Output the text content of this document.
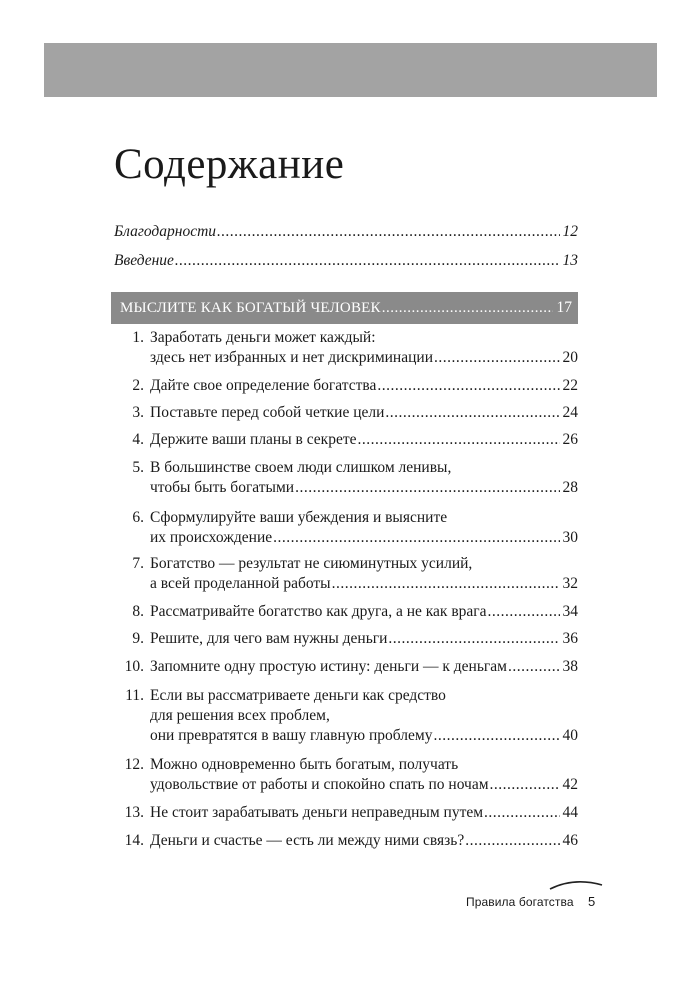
Содержание
Благодарности .....	12
Введение .....	13
МЫСЛИТЕ КАК БОГАТЫЙ ЧЕЛОВЕК .....	17
1. Заработать деньги может каждый:
здесь нет избранных и нет дискриминации .....	20
2. Дайте свое определение богатства .....	22
3. Поставьте перед собой четкие цели .....	24
4. Держите ваши планы в секрете .....	26
5. В большинстве своем люди слишком ленивы,
чтобы быть богатыми .....	28
6. Сформулируйте ваши убеждения и выясните
их происхождение .....	30
7. Богатство — результат не сиюминутных усилий,
а всей проделанной работы .....	32
8. Рассматривайте богатство как друга, а не как врага .....	34
9. Решите, для чего вам нужны деньги .....	36
10. Запомните одну простую истину: деньги — к деньгам .....	38
11. Если вы рассматриваете деньги как средство
для решения всех проблем,
они превратятся в вашу главную проблему .....	40
12. Можно одновременно быть богатым, получать
удовольствие от работы и спокойно спать по ночам .....	42
13. Не стоит зарабатывать деньги неправедным путем .....	44
14. Деньги и счастье — есть ли между ними связь? .....	46
Правила богатства 5
